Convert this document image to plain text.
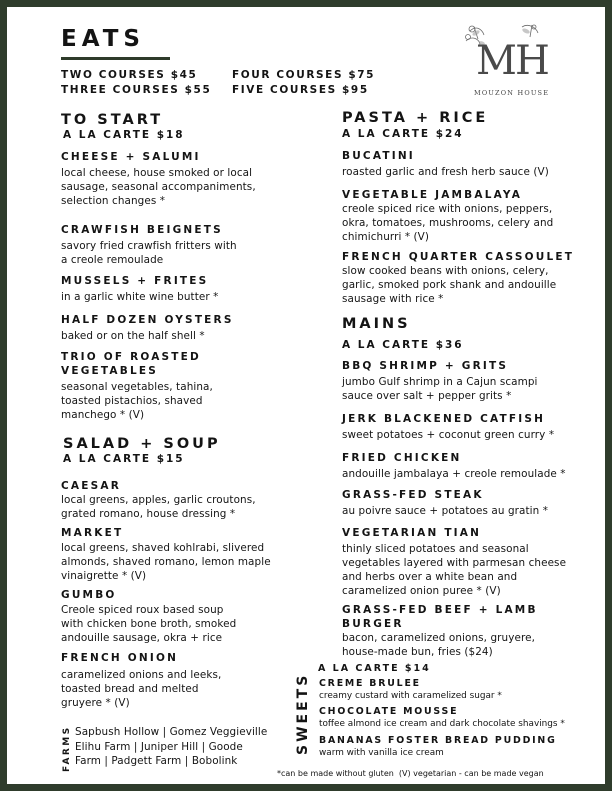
EATS
TWO COURSES $45	FOUR COURSES $75
THREE COURSES $55 FIVE COURSES $95
MH
MOUZON HOUSE
TO START
A LA CARTE $18
CHEESE + SALUMI
local cheese, house smoked or local
sausage, seasonal accompaniments,
selection changes *
CRAWFISH BEIGNETS
savory fried crawfish fritters with
a creole remoulade
MUSSELS + FRITES
in a garlic white wine butter *
HALF DOZEN OYSTERS
baked or on the half shell *
TRIO OF ROASTED
VEGETABLES
seasonal vegetables, tahina,
toasted pistachios, shaved
manchego * (V)
SALAD + SOUP
A LA CARTE $15
CAESAR
local greens, apples, garlic croutons,
grated romano, house dressing *
MARKET
local greens, shaved kohlrabi, slivered
almonds, shaved romano, lemon maple
vinaigrette * (V)
GUMBO
Creole spiced roux based soup
with chicken bone broth, smoked
andouille sausage, okra + rice
FRENCH ONION
caramelized onions and leeks,
toasted bread and melted
gruyere * (V)
FARMS Sapbush Hollow | Gomez Veggieville
Elihu Farm | Juniper Hill | Goode
Farm | Padgett Farm | Bobolink
PASTA + RICE
A LA CARTE $24
BUCATINI
roasted garlic and fresh herb sauce (V)
VEGETABLE JAMBALAYA
creole spiced rice with onions, peppers,
okra, tomatoes, mushrooms, celery and
chimichurri * (V)
FRENCH QUARTER CASSOULET
slow cooked beans with onions, celery,
garlic, smoked pork shank and andouille
sausage with rice *
MAINS
A LA CARTE $36
BBQ SHRIMP + GRITS
jumbo Gulf shrimp in a Cajun scampi
sauce over salt + pepper grits *
JERK BLACKENED CATFISH
sweet potatoes + coconut green curry *
FRIED CHICKEN
andouille jambalaya + creole remoulade *
GRASS-FED STEAK
au poivre sauce + potatoes au gratin *
VEGETARIAN TIAN
thinly sliced potatoes and seasonal
vegetables layered with parmesan cheese
and herbs over a white bean and
caramelized onion puree * (V)
GRASS-FED BEEF + LAMB BURGER
bacon, caramelized onions, gruyere,
house-made bun, fries ($24)
SWEETS
A LA CARTE $14
CREME BRULEE
creamy custard with caramelized sugar *
CHOCOLATE MOUSSE
toffee almond ice cream and dark chocolate shavings *
BANANAS FOSTER BREAD PUDDING
warm with vanilla ice cream
*can be made without gluten  (V) vegetarian - can be made vegan
